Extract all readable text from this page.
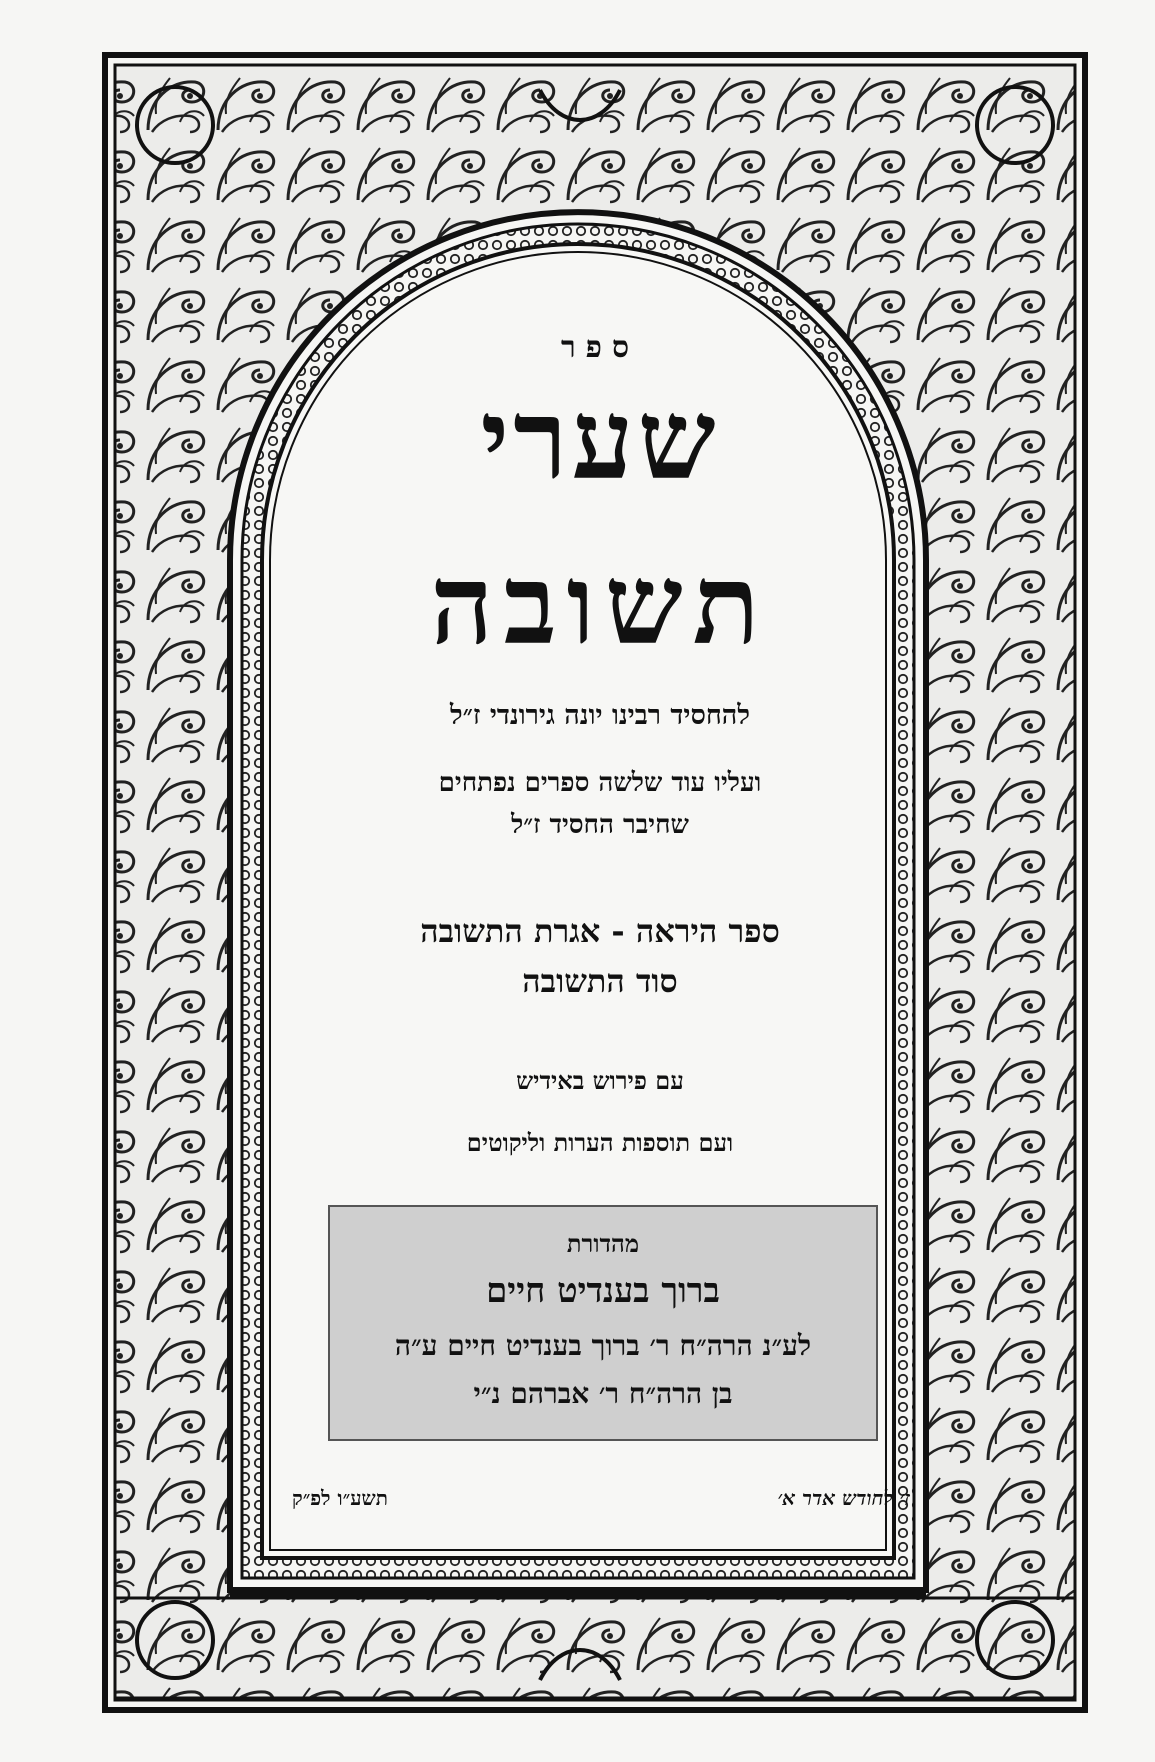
ספר
שערי
תשובה
להחסיד רבינו יונה גירונדי ז״ל
ועליו עוד שלשה ספרים נפתחים
שחיבר החסיד ז״ל
ספר היראה - אגרת התשובה
סוד התשובה
עם פירוש באידיש
ועם תוספות הערות וליקוטים
מהדורת
ברוך בענדיט חיים
לע״נ הרה״ח ר׳ ברוך בענדיט חיים ע״ה
בן הרה״ח ר׳ אברהם נ״י
ז׳ לחודש אדר א׳
תשע״ו לפ״ק
